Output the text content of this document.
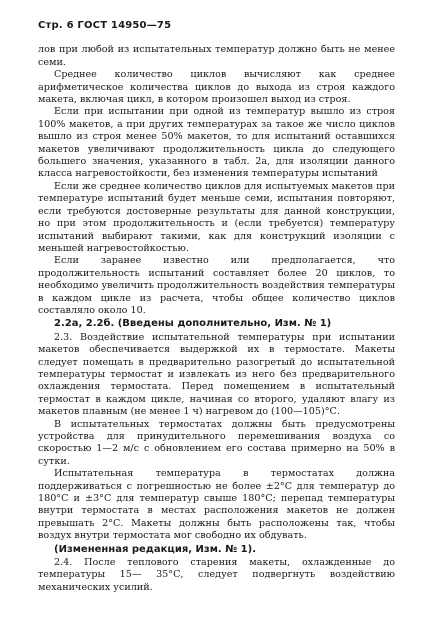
Стр. 6 ГОСТ 14950—75

лов при любой из испытательных температур должно быть не менее семи.

Среднее количество циклов вычисляют как среднее арифметическое количества циклов до выхода из строя каждого макета, включая цикл, в котором произошел выход из строя.

Если при испытании при одной из температур вышло из строя 100% макетов, а при других температурах за такое же число циклов вышло из строя менее 50% макетов, то для испытаний оставшихся макетов увеличивают продолжительность цикла до следующего большего значения, указанного в табл. 2а, для изоляции данного класса нагревостойкости, без изменения температуры испытаний

Если же среднее количество циклов для испытуемых макетов при температуре испытаний будет меньше семи, испытания повторяют, если требуются достоверные результаты для данной конструкции, но при этом продолжительность и (если требуется) температуру испытаний выбирают такими, как для конструкций изоляции с меньшей нагревостойкостью.

Если заранее известно или предполагается, что продолжительность испытаний составляет более 20 циклов, то необходимо увеличить продолжительность воздействия температуры в каждом цикле из расчета, чтобы общее количество циклов составляло около 10.

2.2а, 2.2б. (Введены дополнительно, Изм. № 1)

2.3. Воздействие испытательной температуры при испытании макетов обеспечивается выдержкой их в термостате. Макеты следует помещать в предварительно разогретый до испытательной температуры термостат и извлекать из него без предварительного охлаждения термостата. Перед помещением в испытательный термостат в каждом цикле, начиная со второго, удаляют влагу из макетов плавным (не менее 1 ч) нагревом до (100—105)°С.

В испытательных термостатах должны быть предусмотрены устройства для принудительного перемешивания воздуха со скоростью 1—2 м/с с обновлением его состава примерно на 50% в сутки.

Испытательная температура в термостатах должна поддерживаться с погрешностью не более ±2°С для температур до 180°С и ±3°С для температур свыше 180°С; перепад температуры внутри термостата в местах расположения макетов не должен превышать 2°С. Макеты должны быть расположены так, чтобы воздух внутри термостата мог свободно их обдувать.

(Измененная редакция, Изм. № 1).

2.4. После теплового старения макеты, охлажденные до температуры 15— 35°С, следует подвергнуть воздействию механических усилий.
